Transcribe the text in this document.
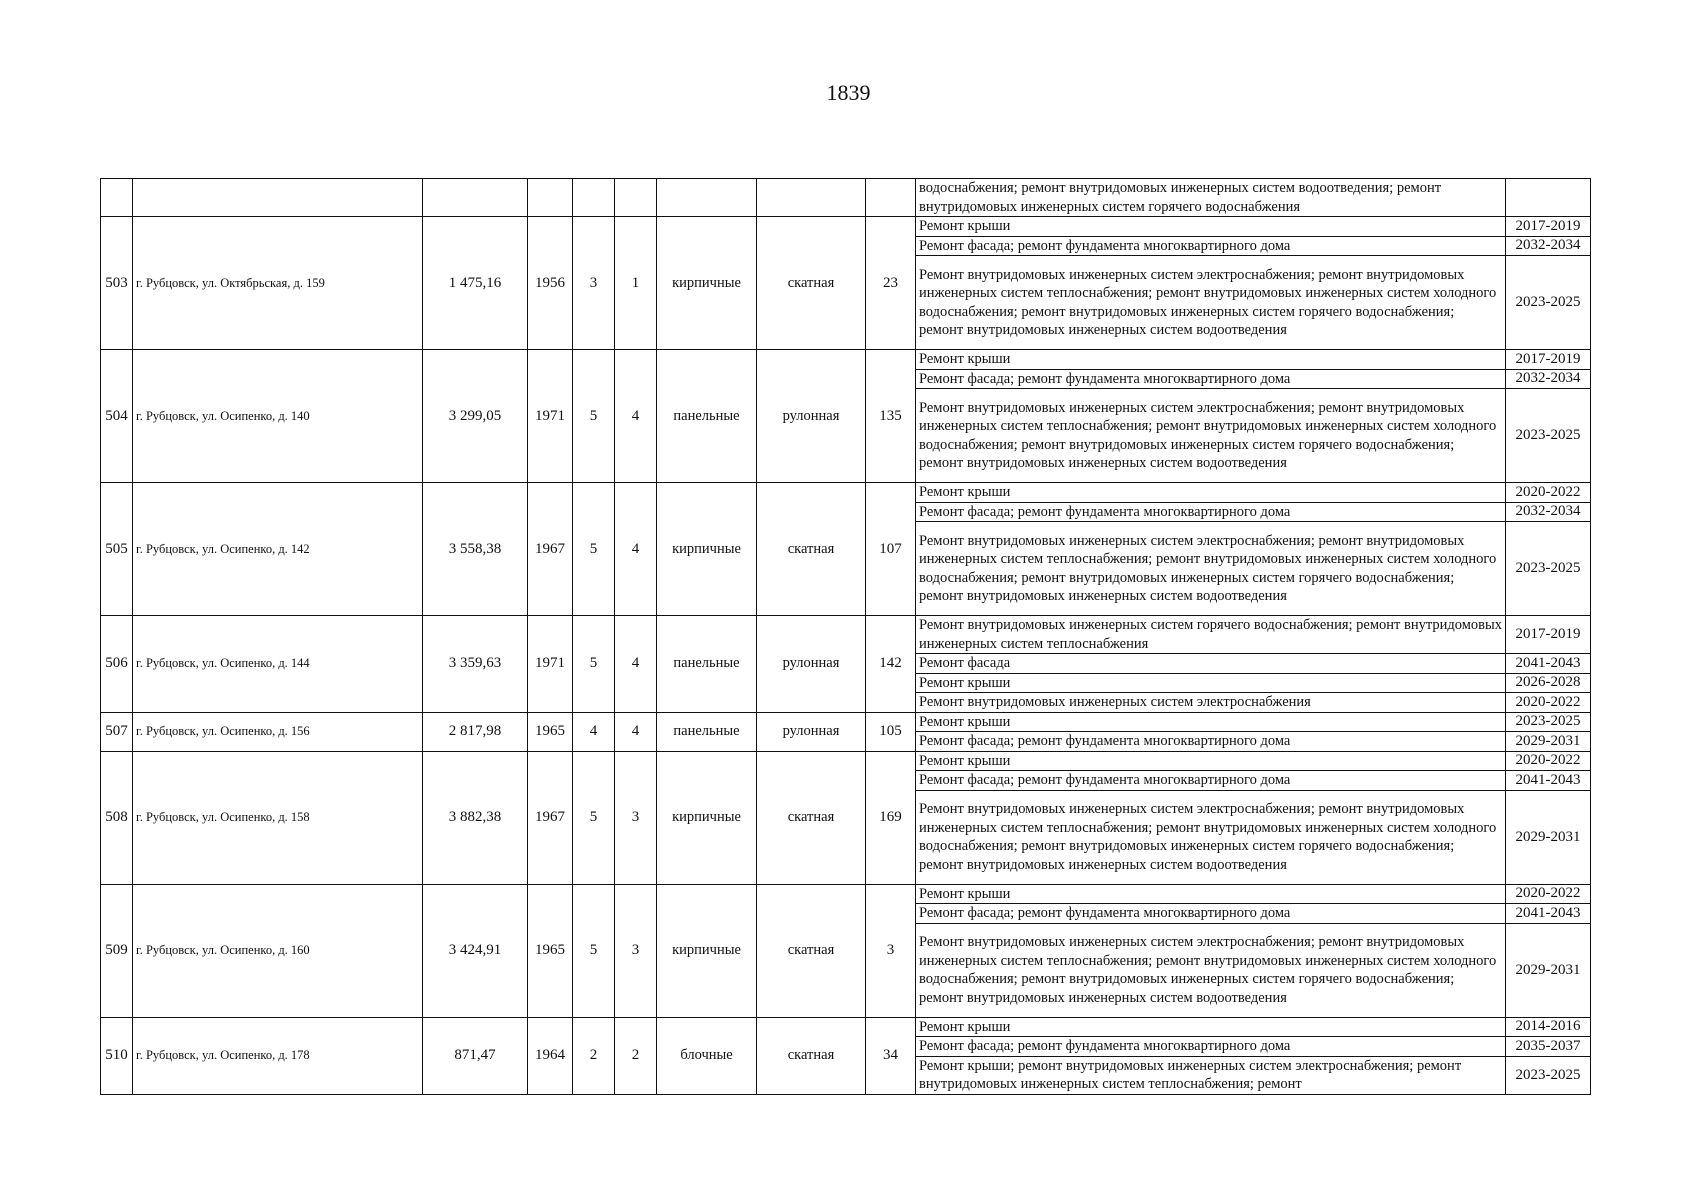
1839
									водоснабжения; ремонт внутридомовых инженерных систем водоотведения; ремонт внутридомовых инженерных систем горячего водоснабжения	
503	г. Рубцовск, ул. Октябрьская, д. 159	1 475,16	1956	3	1	кирпичные	скатная	23	Ремонт крыши	2017-2019
									Ремонт фасада; ремонт фундамента многоквартирного дома	2032-2034
									Ремонт внутридомовых инженерных систем электроснабжения; ремонт внутридомовых инженерных систем теплоснабжения; ремонт внутридомовых инженерных систем холодного водоснабжения; ремонт внутридомовых инженерных систем горячего водоснабжения; ремонт внутридомовых инженерных систем водоотведения	2023-2025
504	г. Рубцовск, ул. Осипенко, д. 140	3 299,05	1971	5	4	панельные	рулонная	135	Ремонт крыши	2017-2019
									Ремонт фасада; ремонт фундамента многоквартирного дома	2032-2034
									Ремонт внутридомовых инженерных систем электроснабжения; ремонт внутридомовых инженерных систем теплоснабжения; ремонт внутридомовых инженерных систем холодного водоснабжения; ремонт внутридомовых инженерных систем горячего водоснабжения; ремонт внутридомовых инженерных систем водоотведения	2023-2025
505	г. Рубцовск, ул. Осипенко, д. 142	3 558,38	1967	5	4	кирпичные	скатная	107	Ремонт крыши	2020-2022
									Ремонт фасада; ремонт фундамента многоквартирного дома	2032-2034
									Ремонт внутридомовых инженерных систем электроснабжения; ремонт внутридомовых инженерных систем теплоснабжения; ремонт внутридомовых инженерных систем холодного водоснабжения; ремонт внутридомовых инженерных систем горячего водоснабжения; ремонт внутридомовых инженерных систем водоотведения	2023-2025
506	г. Рубцовск, ул. Осипенко, д. 144	3 359,63	1971	5	4	панельные	рулонная	142	Ремонт внутридомовых инженерных систем горячего водоснабжения; ремонт внутридомовых инженерных систем теплоснабжения	2017-2019
									Ремонт фасада	2041-2043
									Ремонт крыши	2026-2028
									Ремонт внутридомовых инженерных систем электроснабжения	2020-2022
507	г. Рубцовск, ул. Осипенко, д. 156	2 817,98	1965	4	4	панельные	рулонная	105	Ремонт крыши	2023-2025
									Ремонт фасада; ремонт фундамента многоквартирного дома	2029-2031
508	г. Рубцовск, ул. Осипенко, д. 158	3 882,38	1967	5	3	кирпичные	скатная	169	Ремонт крыши	2020-2022
									Ремонт фасада; ремонт фундамента многоквартирного дома	2041-2043
									Ремонт внутридомовых инженерных систем электроснабжения; ремонт внутридомовых инженерных систем теплоснабжения; ремонт внутридомовых инженерных систем холодного водоснабжения; ремонт внутридомовых инженерных систем горячего водоснабжения; ремонт внутридомовых инженерных систем водоотведения	2029-2031
509	г. Рубцовск, ул. Осипенко, д. 160	3 424,91	1965	5	3	кирпичные	скатная	3	Ремонт крыши	2020-2022
									Ремонт фасада; ремонт фундамента многоквартирного дома	2041-2043
									Ремонт внутридомовых инженерных систем электроснабжения; ремонт внутридомовых инженерных систем теплоснабжения; ремонт внутридомовых инженерных систем холодного водоснабжения; ремонт внутридомовых инженерных систем горячего водоснабжения; ремонт внутридомовых инженерных систем водоотведения	2029-2031
510	г. Рубцовск, ул. Осипенко, д. 178	871,47	1964	2	2	блочные	скатная	34	Ремонт крыши	2014-2016
									Ремонт фасада; ремонт фундамента многоквартирного дома	2035-2037
									Ремонт крыши; ремонт внутридомовых инженерных систем электроснабжения; ремонт внутридомовых инженерных систем теплоснабжения; ремонт	2023-2025
